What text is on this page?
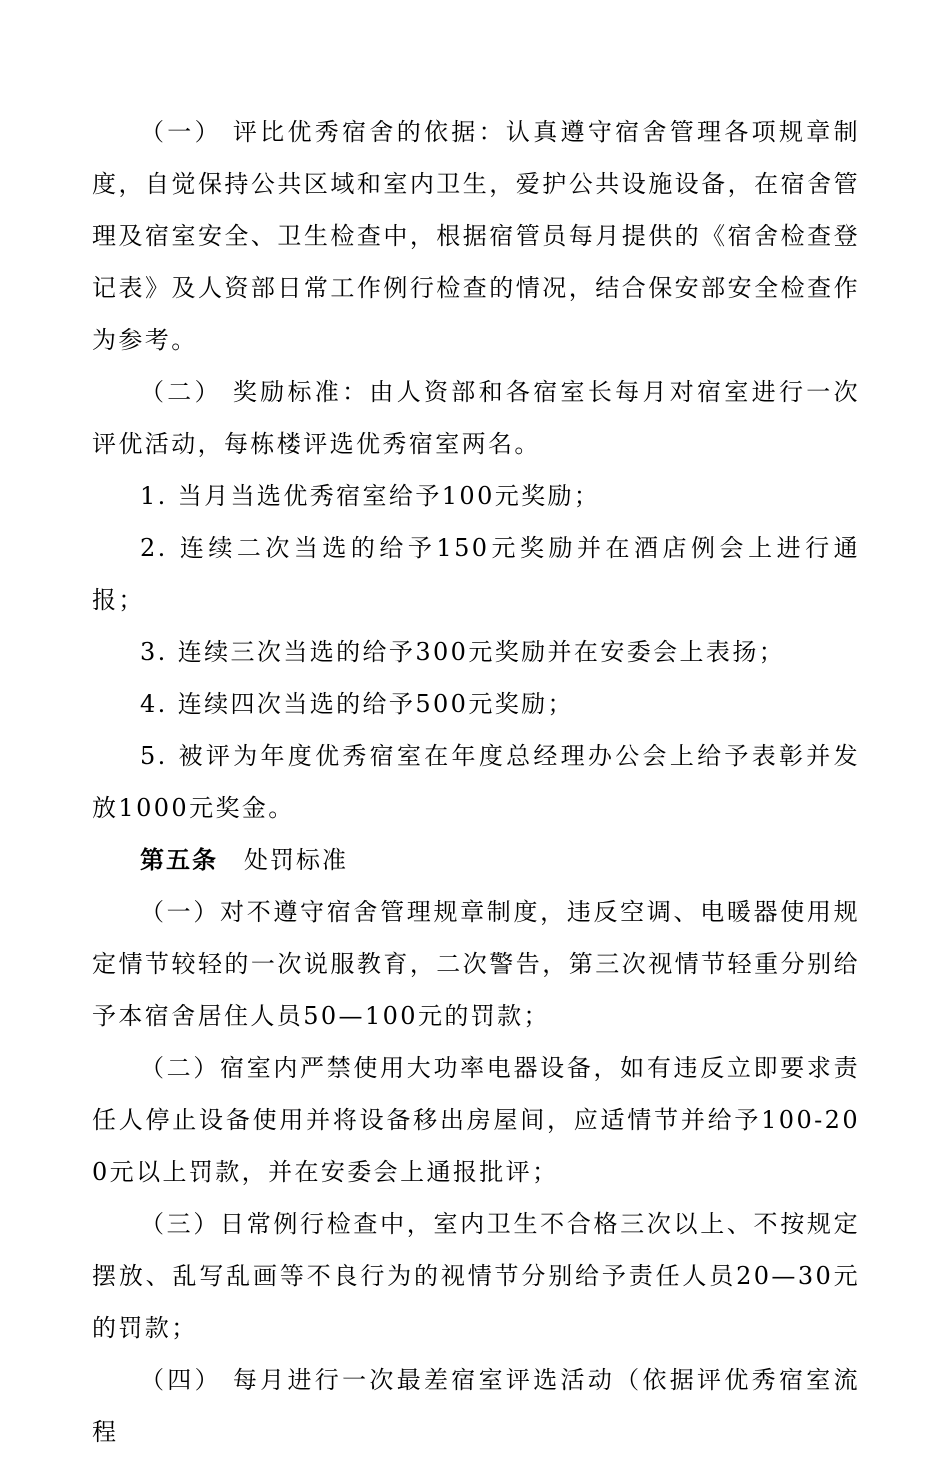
（一） 评比优秀宿舍的依据：认真遵守宿舍管理各项规章制度，自觉保持公共区域和室内卫生，爱护公共设施设备，在宿舍管理及宿室安全、卫生检查中，根据宿管员每月提供的《宿舍检查登记表》及人资部日常工作例行检查的情况，结合保安部安全检查作为参考。

（二） 奖励标准：由人资部和各宿室长每月对宿室进行一次评优活动，每栋楼评选优秀宿室两名。

1. 当月当选优秀宿室给予100元奖励；

2. 连续二次当选的给予150元奖励并在酒店例会上进行通报；

3. 连续三次当选的给予300元奖励并在安委会上表扬；

4. 连续四次当选的给予500元奖励；

5. 被评为年度优秀宿室在年度总经理办公会上给予表彰并发放1000元奖金。

第五条 处罚标准

（一）对不遵守宿舍管理规章制度，违反空调、电暖器使用规定情节较轻的一次说服教育，二次警告，第三次视情节轻重分别给予本宿舍居住人员50—100元的罚款；

（二）宿室内严禁使用大功率电器设备，如有违反立即要求责任人停止设备使用并将设备移出房屋间，应适情节并给予100-200元以上罚款，并在安委会上通报批评；

（三）日常例行检查中，室内卫生不合格三次以上、不按规定摆放、乱写乱画等不良行为的视情节分别给予责任人员20—30元的罚款；

（四） 每月进行一次最差宿室评选活动（依据评优秀宿室流程
